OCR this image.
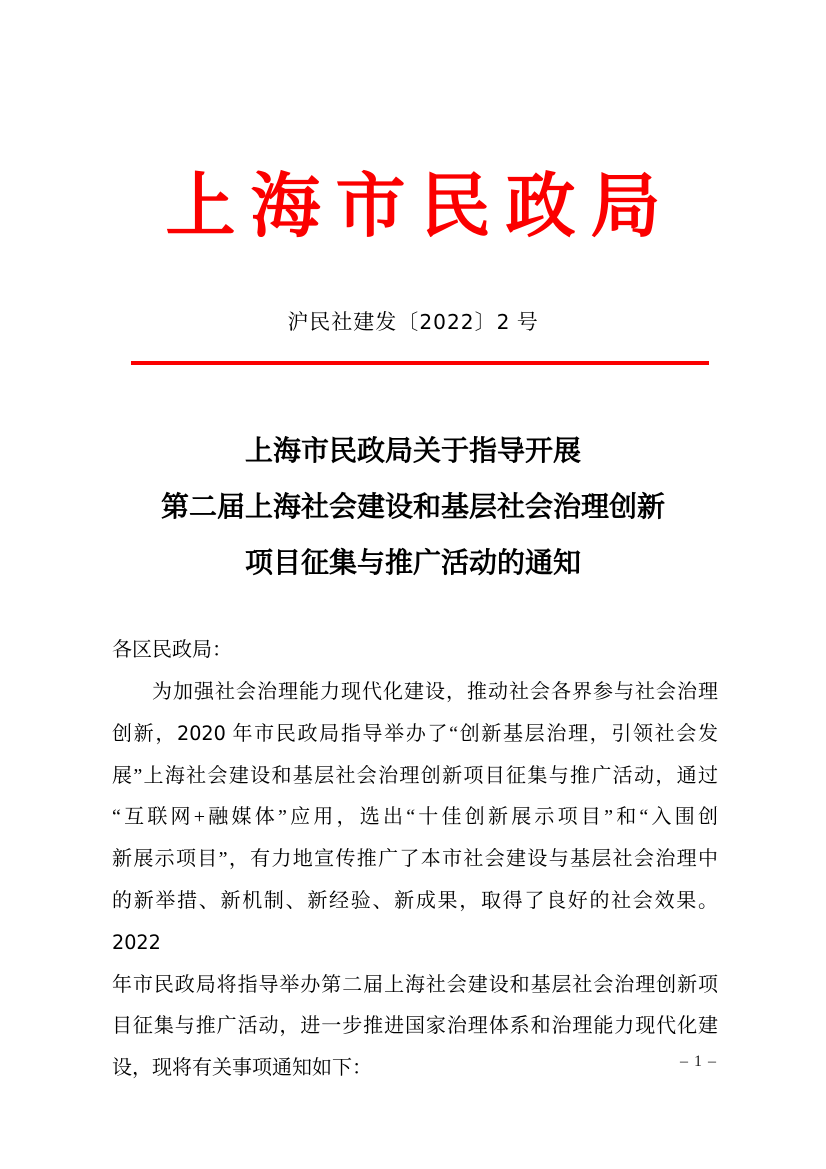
上海市民政局
沪民社建发〔2022〕2 号
上海市民政局关于指导开展
第二届上海社会建设和基层社会治理创新
项目征集与推广活动的通知
各区民政局：
为加强社会治理能力现代化建设，推动社会各界参与社会治理
创新，2020 年市民政局指导举办了“创新基层治理，引领社会发
展”上海社会建设和基层社会治理创新项目征集与推广活动，通过
“互联网+融媒体”应用，选出“十佳创新展示项目”和“入围创
新展示项目”，有力地宣传推广了本市社会建设与基层社会治理中
的新举措、新机制、新经验、新成果，取得了良好的社会效果。2022
年市民政局将指导举办第二届上海社会建设和基层社会治理创新项
目征集与推广活动，进一步推进国家治理体系和治理能力现代化建
设，现将有关事项通知如下：	– 1 –
